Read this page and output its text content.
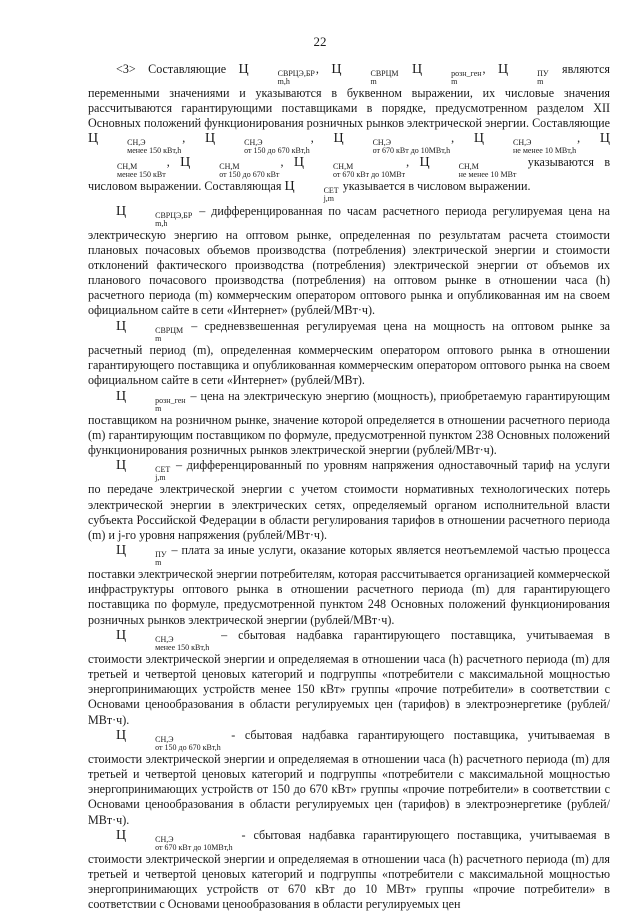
22

<3> Составляющие Ц	СВРЦЭ,БР
m,h
, Ц	СВРЦМ
m
Ц	розн_ген
m
, Ц	ПУ
m
являются переменными значениями и указываются в буквенном выражении, их числовые значения рассчитываются гарантирующими поставщиками в порядке, предусмотренном разделом XII Основных положений функционирования розничных рынков электрической энергии. Составляющие Ц	СН,Э
менее 150 кВт,h
, Ц	СН,Э
от 150 до 670 кВт,h
, Ц	СН,Э
от 670 кВт до 10МВт,h
, Ц	СН,Э
не менее 10 МВт,h
, Ц
СН,М
менее 150 кВт
, Ц	СН,М
от 150 до 670 кВт
, Ц	СН,М
от 670 кВт до 10МВт
, Ц	СН,М
не менее 10 МВт
указываются в числовом выражении. Составляющая Ц	СЕТ
j,m
указывается в числовом выражении.

Ц	СВРЦЭ,БР
m,h
– дифференцированная по часам расчетного периода регулируемая цена на электрическую энергию на оптовом рынке, определенная по результатам расчета стоимости плановых почасовых объемов производства (потребления) электрической энергии и стоимости отклонений фактического производства (потребления) электрической энергии от объемов их планового почасового производства (потребления) на оптовом рынке в отношении часа (h) расчетного периода (m) коммерческим оператором оптового рынка и опубликованная им на своем официальном сайте в сети «Интернет» (рублей/МВт·ч).

Ц	СВРЦМ
m
– средневзвешенная регулируемая цена на мощность на оптовом рынке за расчетный период (m), определенная коммерческим оператором оптового рынка в отношении гарантирующего поставщика и опубликованная коммерческим оператором оптового рынка на своем официальном сайте в сети «Интернет» (рублей/МВт).

Ц	розн_ген
m
– цена на электрическую энергию (мощность), приобретаемую гарантирующим поставщиком на розничном рынке, значение которой определяется в отношении расчетного периода (m) гарантирующим поставщиком по формуле, предусмотренной пунктом 238 Основных положений функционирования розничных рынков электрической энергии (рублей/МВт·ч).

Ц	СЕТ
j,m
– дифференцированный по уровням напряжения одноставочный тариф на услуги по передаче электрической энергии с учетом стоимости нормативных технологических потерь электрической энергии в электрических сетях, определяемый органом исполнительной власти субъекта Российской Федерации в области регулирования тарифов в отношении расчетного периода (m) и j-го уровня напряжения (рублей/МВт·ч).

Ц	ПУ
m
– плата за иные услуги, оказание которых является неотъемлемой частью процесса поставки электрической энергии потребителям, которая рассчитывается организацией коммерческой инфраструктуры оптового рынка в отношении расчетного периода (m) для гарантирующего поставщика по формуле, предусмотренной пунктом 248 Основных положений функционирования розничных рынков электрической энергии (рублей/МВт·ч).

Ц	СН,Э
менее 150 кВт,h
– сбытовая надбавка гарантирующего поставщика, учитываемая в стоимости электрической энергии и определяемая в отношении часа (h) расчетного периода (m) для третьей и четвертой ценовых категорий и подгруппы «потребители с максимальной мощностью энергопринимающих устройств менее 150 кВт» группы «прочие потребители» в соответствии с Основами ценообразования в области регулируемых цен (тарифов) в электроэнергетике (рублей/МВт·ч).

Ц	СН,Э
от 150 до 670 кВт,h
- сбытовая надбавка гарантирующего поставщика, учитываемая в стоимости электрической энергии и определяемая в отношении часа (h) расчетного периода (m) для третьей и четвертой ценовых категорий и подгруппы «потребители с максимальной мощностью энергопринимающих устройств от 150 до 670 кВт» группы «прочие потребители» в соответствии с Основами ценообразования в области регулируемых цен (тарифов) в электроэнергетике (рублей/МВт·ч).

Ц	СН,Э
от 670 кВт до 10МВт,h
- сбытовая надбавка гарантирующего поставщика, учитываемая в стоимости электрической энергии и определяемая в отношении часа (h) расчетного периода (m) для третьей и четвертой ценовых категорий и подгруппы «потребители с максимальной мощностью энергопринимающих устройств от 670 кВт до 10 МВт» группы «прочие потребители» в соответствии с Основами ценообразования в области регулируемых цен
